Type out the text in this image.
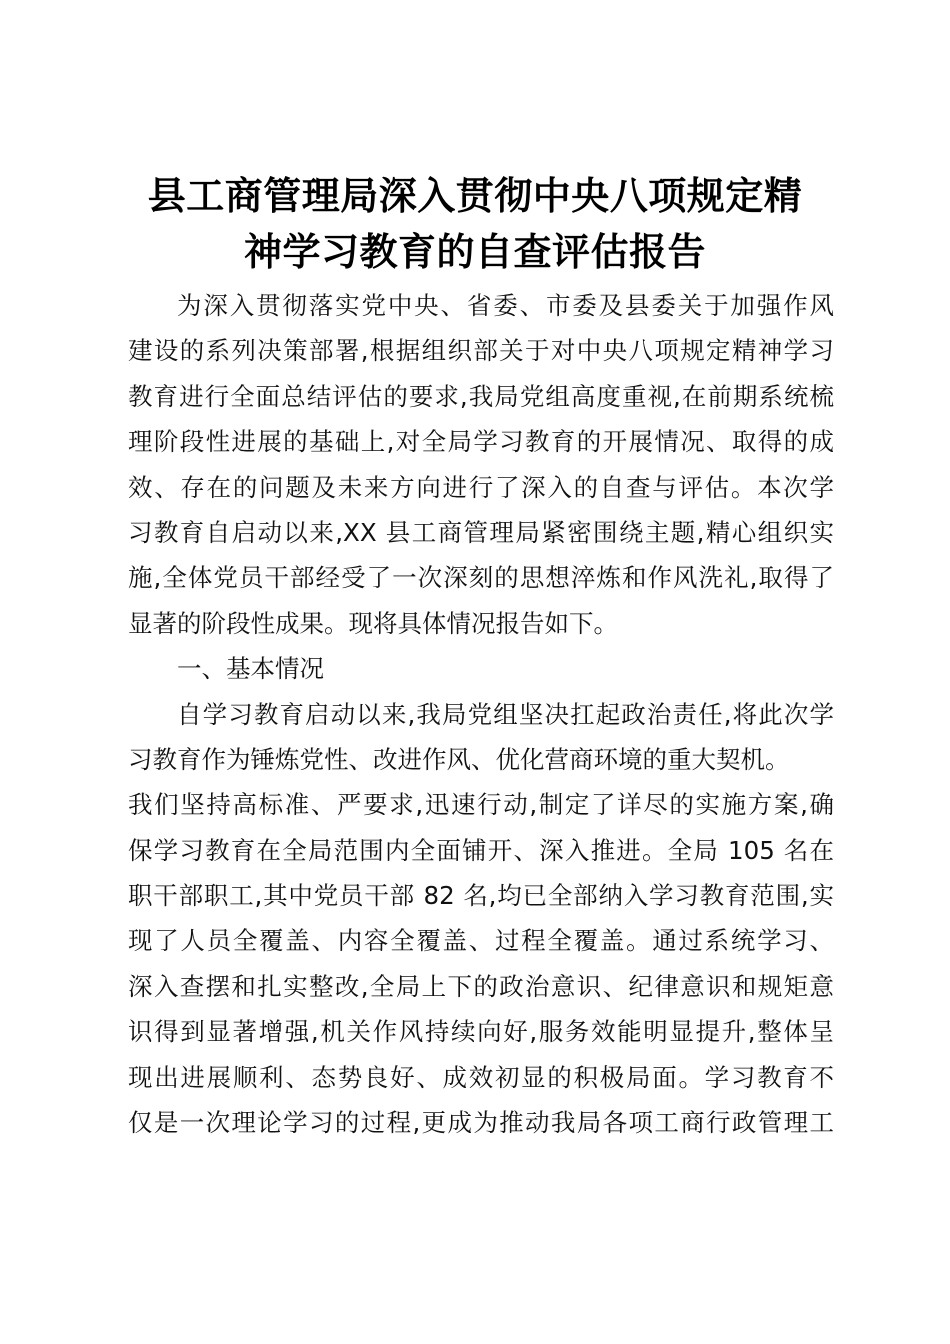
县工商管理局深入贯彻中央八项规定精
神学习教育的自查评估报告
为深入贯彻落实党中央、省委、市委及县委关于加强作风
建设的系列决策部署,根据组织部关于对中央八项规定精神学习
教育进行全面总结评估的要求,我局党组高度重视,在前期系统梳
理阶段性进展的基础上,对全局学习教育的开展情况、取得的成
效、存在的问题及未来方向进行了深入的自查与评估。本次学
习教育自启动以来,XX 县工商管理局紧密围绕主题,精心组织实
施,全体党员干部经受了一次深刻的思想淬炼和作风洗礼,取得了
显著的阶段性成果。现将具体情况报告如下。
一、基本情况
自学习教育启动以来,我局党组坚决扛起政治责任,将此次学
习教育作为锤炼党性、改进作风、优化营商环境的重大契机。
我们坚持高标准、严要求,迅速行动,制定了详尽的实施方案,确
保学习教育在全局范围内全面铺开、深入推进。全局 105 名在
职干部职工,其中党员干部 82 名,均已全部纳入学习教育范围,实
现了人员全覆盖、内容全覆盖、过程全覆盖。通过系统学习、
深入查摆和扎实整改,全局上下的政治意识、纪律意识和规矩意
识得到显著增强,机关作风持续向好,服务效能明显提升,整体呈
现出进展顺利、态势良好、成效初显的积极局面。学习教育不
仅是一次理论学习的过程,更成为推动我局各项工商行政管理工
